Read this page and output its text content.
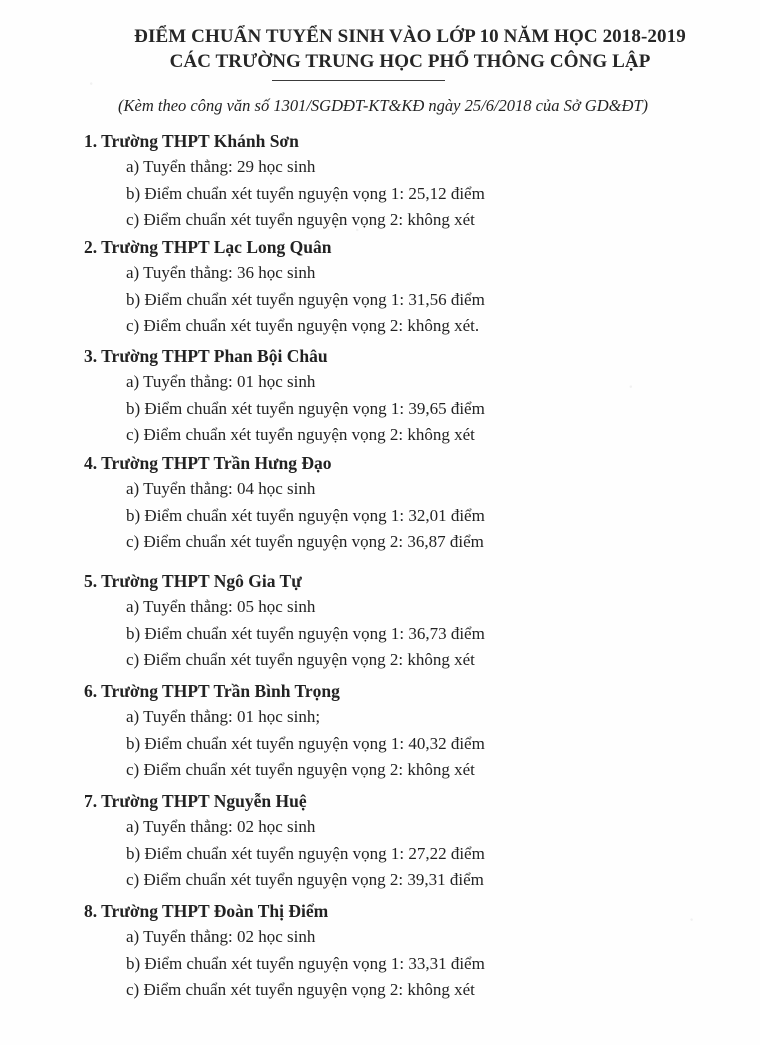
ĐIỂM CHUẨN TUYỂN SINH VÀO LỚP 10 NĂM HỌC 2018-2019
CÁC TRƯỜNG TRUNG HỌC PHỔ THÔNG CÔNG LẬP
(Kèm theo công văn số 1301/SGDĐT-KT&KĐ ngày 25/6/2018 của Sở GD&ĐT)
1. Trường THPT Khánh Sơn
a) Tuyển thẳng: 29 học sinh
b) Điểm chuẩn xét tuyển nguyện vọng 1: 25,12 điểm
c) Điểm chuẩn xét tuyển nguyện vọng 2: không xét
2. Trường THPT Lạc Long Quân
a) Tuyển thẳng: 36 học sinh
b) Điểm chuẩn xét tuyển nguyện vọng 1: 31,56 điểm
c) Điểm chuẩn xét tuyển nguyện vọng 2: không xét.
3. Trường THPT Phan Bội Châu
a) Tuyển thẳng: 01 học sinh
b) Điểm chuẩn xét tuyển nguyện vọng 1: 39,65 điểm
c) Điểm chuẩn xét tuyển nguyện vọng 2: không xét
4. Trường THPT Trần Hưng Đạo
a) Tuyển thẳng: 04 học sinh
b) Điểm chuẩn xét tuyển nguyện vọng 1: 32,01 điểm
c) Điểm chuẩn xét tuyển nguyện vọng 2: 36,87 điểm
5. Trường THPT Ngô Gia Tự
a) Tuyển thẳng: 05 học sinh
b) Điểm chuẩn xét tuyển nguyện vọng 1: 36,73 điểm
c) Điểm chuẩn xét tuyển nguyện vọng 2: không xét
6. Trường THPT Trần Bình Trọng
a) Tuyển thẳng: 01 học sinh;
b) Điểm chuẩn xét tuyển nguyện vọng 1: 40,32 điểm
c) Điểm chuẩn xét tuyển nguyện vọng 2: không xét
7. Trường THPT Nguyễn Huệ
a) Tuyển thẳng: 02 học sinh
b) Điểm chuẩn xét tuyển nguyện vọng 1: 27,22 điểm
c) Điểm chuẩn xét tuyển nguyện vọng 2: 39,31 điểm
8. Trường THPT Đoàn Thị Điểm
a) Tuyển thẳng: 02 học sinh
b) Điểm chuẩn xét tuyển nguyện vọng 1: 33,31 điểm
c) Điểm chuẩn xét tuyển nguyện vọng 2: không xét
